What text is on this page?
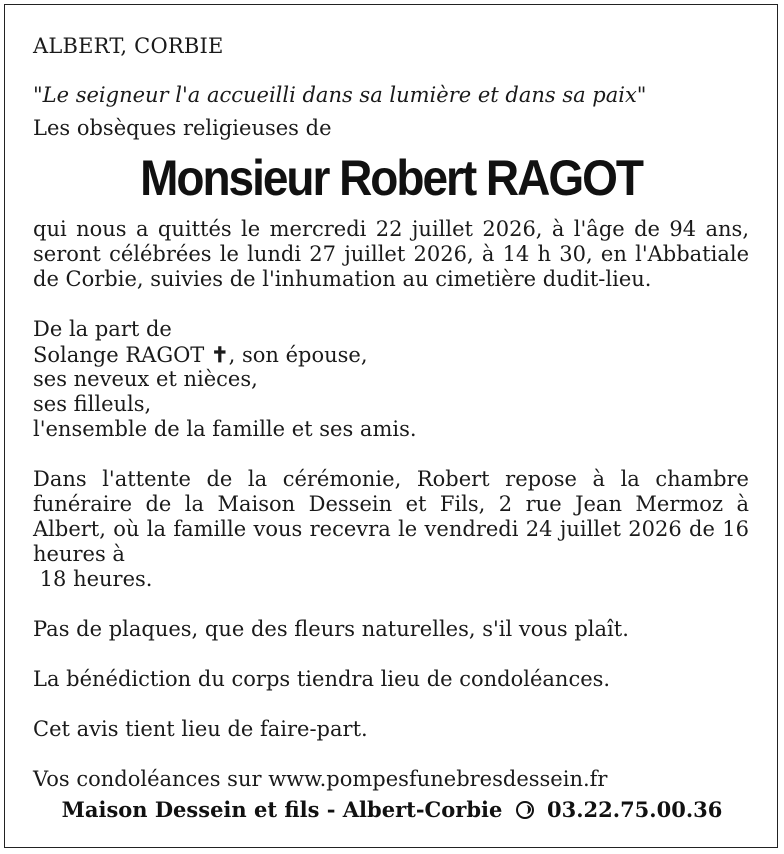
ALBERT, CORBIE
"Le seigneur l'a accueilli dans sa lumière et dans sa paix"
Les obsèques religieuses de
Monsieur Robert RAGOT
qui nous a quittés le mercredi 22 juillet 2026, à l'âge de 94 ans, seront célébrées le lundi 27 juillet 2026, à 14 h 30, en l'Abbatiale de Corbie, suivies de l'inhumation au cimetière dudit-lieu.
De la part de
Solange RAGOT ✝, son épouse,
ses neveux et nièces,
ses filleuls,
l'ensemble de la famille et ses amis.
Dans l'attente de la cérémonie, Robert repose à la chambre funéraire de la Maison Dessein et Fils, 2 rue Jean Mermoz à Albert, où la famille vous recevra le vendredi 24 juillet 2026 de 16 heures à
18 heures.
Pas de plaques, que des fleurs naturelles, s'il vous plaît.
La bénédiction du corps tiendra lieu de condoléances.
Cet avis tient lieu de faire-part.
Vos condoléances sur www.pompesfunebresdessein.fr
Maison Dessein et fils - Albert-Corbie 03.22.75.00.36
